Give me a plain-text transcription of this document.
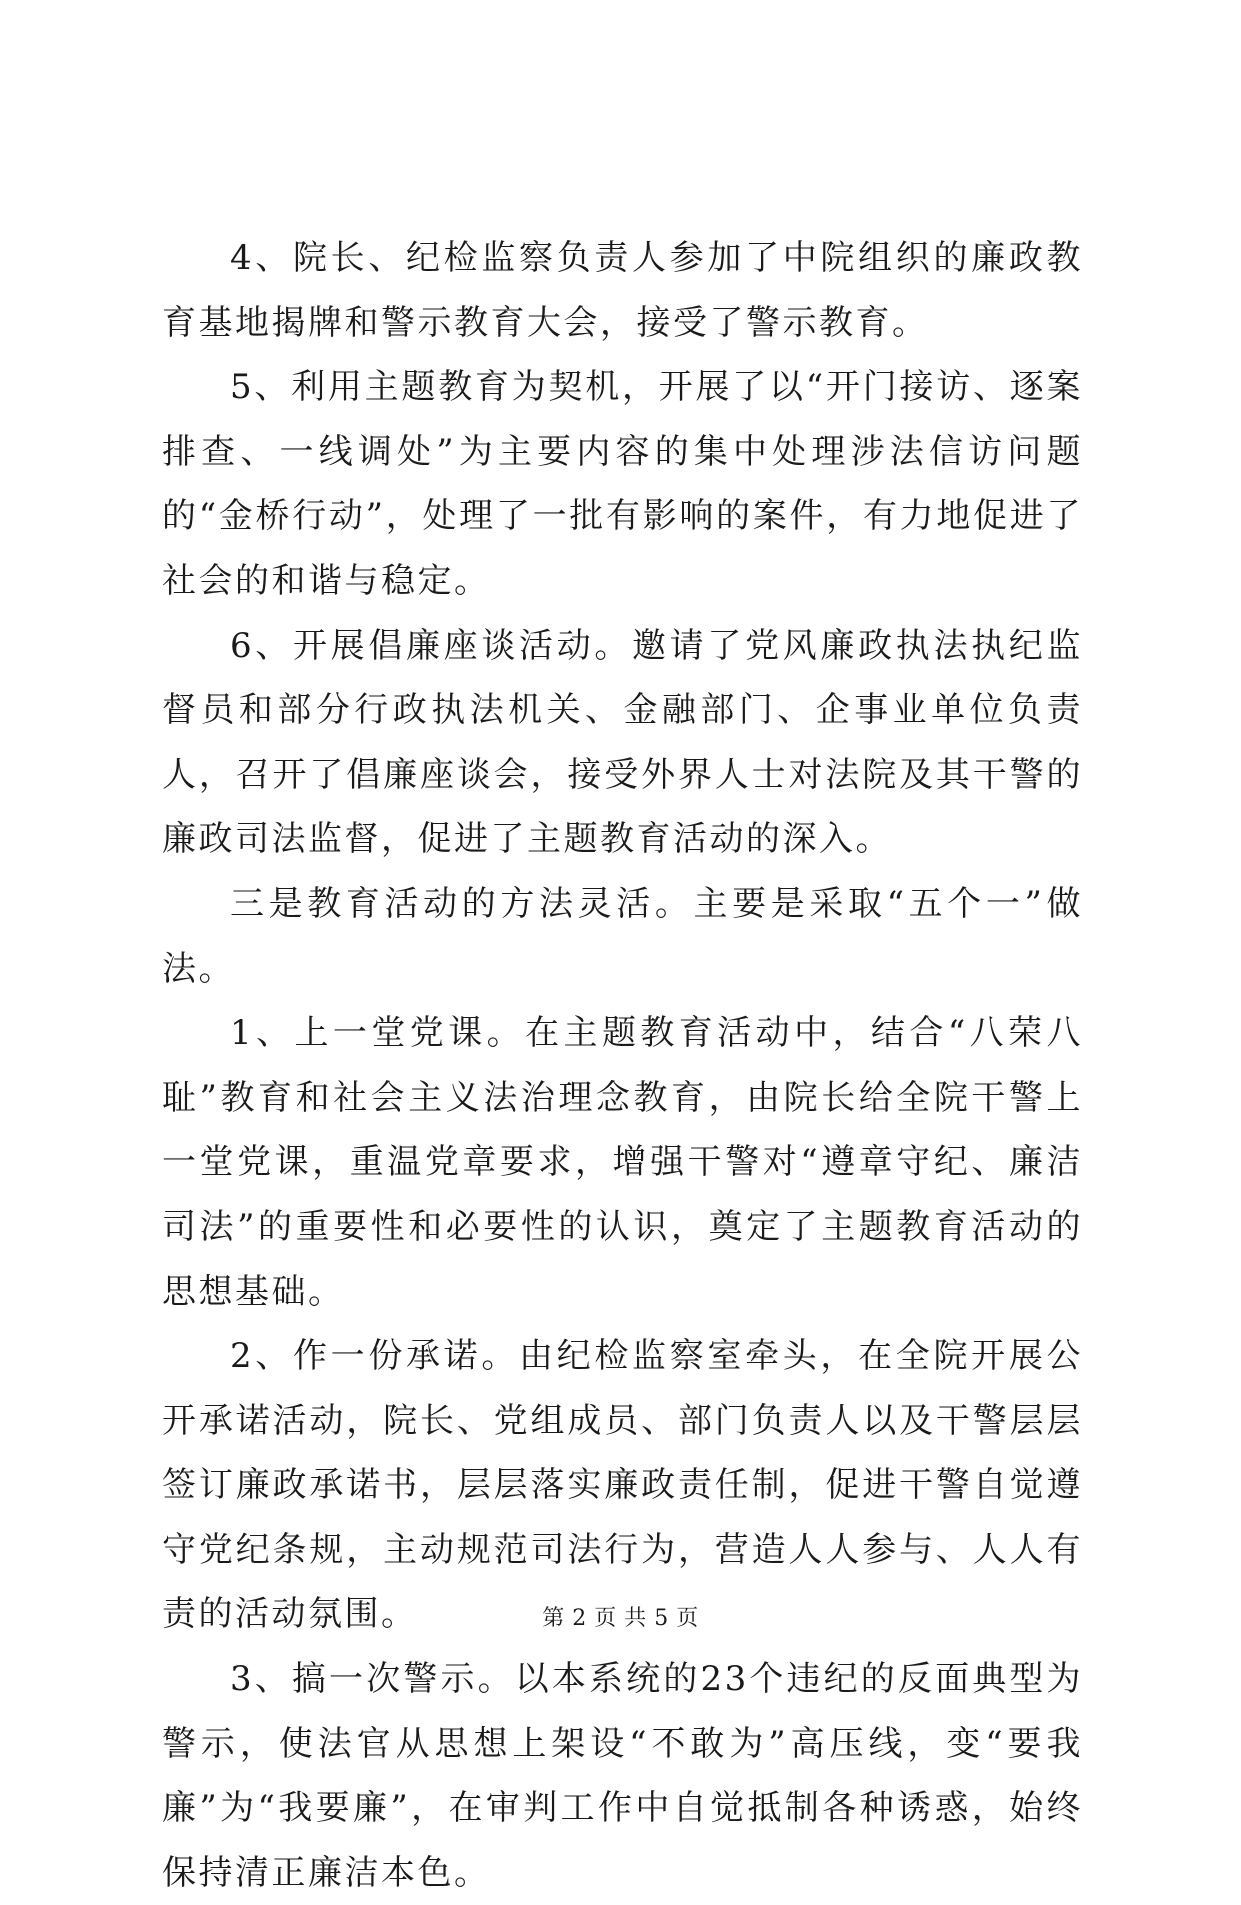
4、院长、纪检监察负责人参加了中院组织的廉政教育基地揭牌和警示教育大会，接受了警示教育。

5、利用主题教育为契机，开展了以“开门接访、逐案排查、一线调处”为主要内容的集中处理涉法信访问题的“金桥行动”，处理了一批有影响的案件，有力地促进了社会的和谐与稳定。

6、开展倡廉座谈活动。邀请了党风廉政执法执纪监督员和部分行政执法机关、金融部门、企事业单位负责人，召开了倡廉座谈会，接受外界人士对法院及其干警的廉政司法监督，促进了主题教育活动的深入。

三是教育活动的方法灵活。主要是采取“五个一”做法。

1、上一堂党课。在主题教育活动中，结合“八荣八耻”教育和社会主义法治理念教育，由院长给全院干警上一堂党课，重温党章要求，增强干警对“遵章守纪、廉洁司法”的重要性和必要性的认识，奠定了主题教育活动的思想基础。

2、作一份承诺。由纪检监察室牵头，在全院开展公开承诺活动，院长、党组成员、部门负责人以及干警层层签订廉政承诺书，层层落实廉政责任制，促进干警自觉遵守党纪条规，主动规范司法行为，营造人人参与、人人有责的活动氛围。

3、搞一次警示。以本系统的23个违纪的反面典型为警示，使法官从思想上架设“不敢为”高压线，变“要我廉”为“我要廉”，在审判工作中自觉抵制各种诱惑，始终保持清正廉洁本色。

第 2 页 共 5 页
